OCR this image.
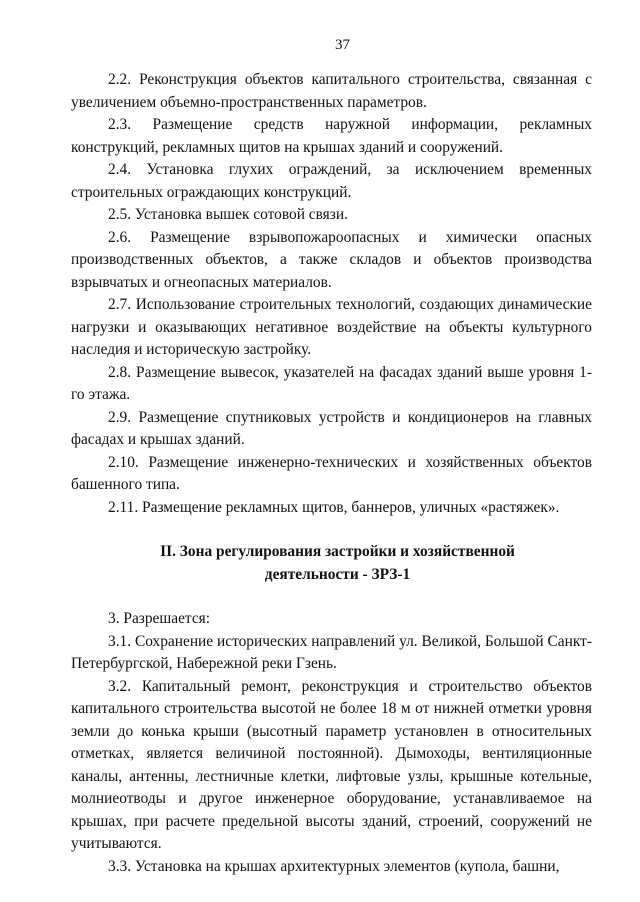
37

2.2. Реконструкция объектов капитального строительства, связанная с увеличением объемно-пространственных параметров.

2.3. Размещение средств наружной информации, рекламных конструкций, рекламных щитов на крышах зданий и сооружений.

2.4. Установка глухих ограждений, за исключением временных строительных ограждающих конструкций.

2.5. Установка вышек сотовой связи.

2.6. Размещение взрывопожароопасных и химически опасных производственных объектов, а также складов и объектов производства взрывчатых и огнеопасных материалов.

2.7. Использование строительных технологий, создающих динамические нагрузки и оказывающих негативное воздействие на объекты культурного наследия и историческую застройку.

2.8. Размещение вывесок, указателей на фасадах зданий выше уровня 1-го этажа.

2.9. Размещение спутниковых устройств и кондиционеров на главных фасадах и крышах зданий.

2.10. Размещение инженерно-технических и хозяйственных объектов башенного типа.

2.11. Размещение рекламных щитов, баннеров, уличных «растяжек».

II. Зона регулирования застройки и хозяйственной
деятельности - ЗРЗ-1

3. Разрешается:

3.1. Сохранение исторических направлений ул. Великой, Большой Санкт-Петербургской, Набережной реки Гзень.

3.2. Капитальный ремонт, реконструкция и строительство объектов капитального строительства высотой не более 18 м от нижней отметки уровня земли до конька крыши (высотный параметр установлен в относительных отметках, является величиной постоянной). Дымоходы, вентиляционные каналы, антенны, лестничные клетки, лифтовые узлы, крышные котельные, молниеотводы и другое инженерное оборудование, устанавливаемое на крышах, при расчете предельной высоты зданий, строений, сооружений не учитываются.

3.3. Установка на крышах архитектурных элементов (купола, башни,
